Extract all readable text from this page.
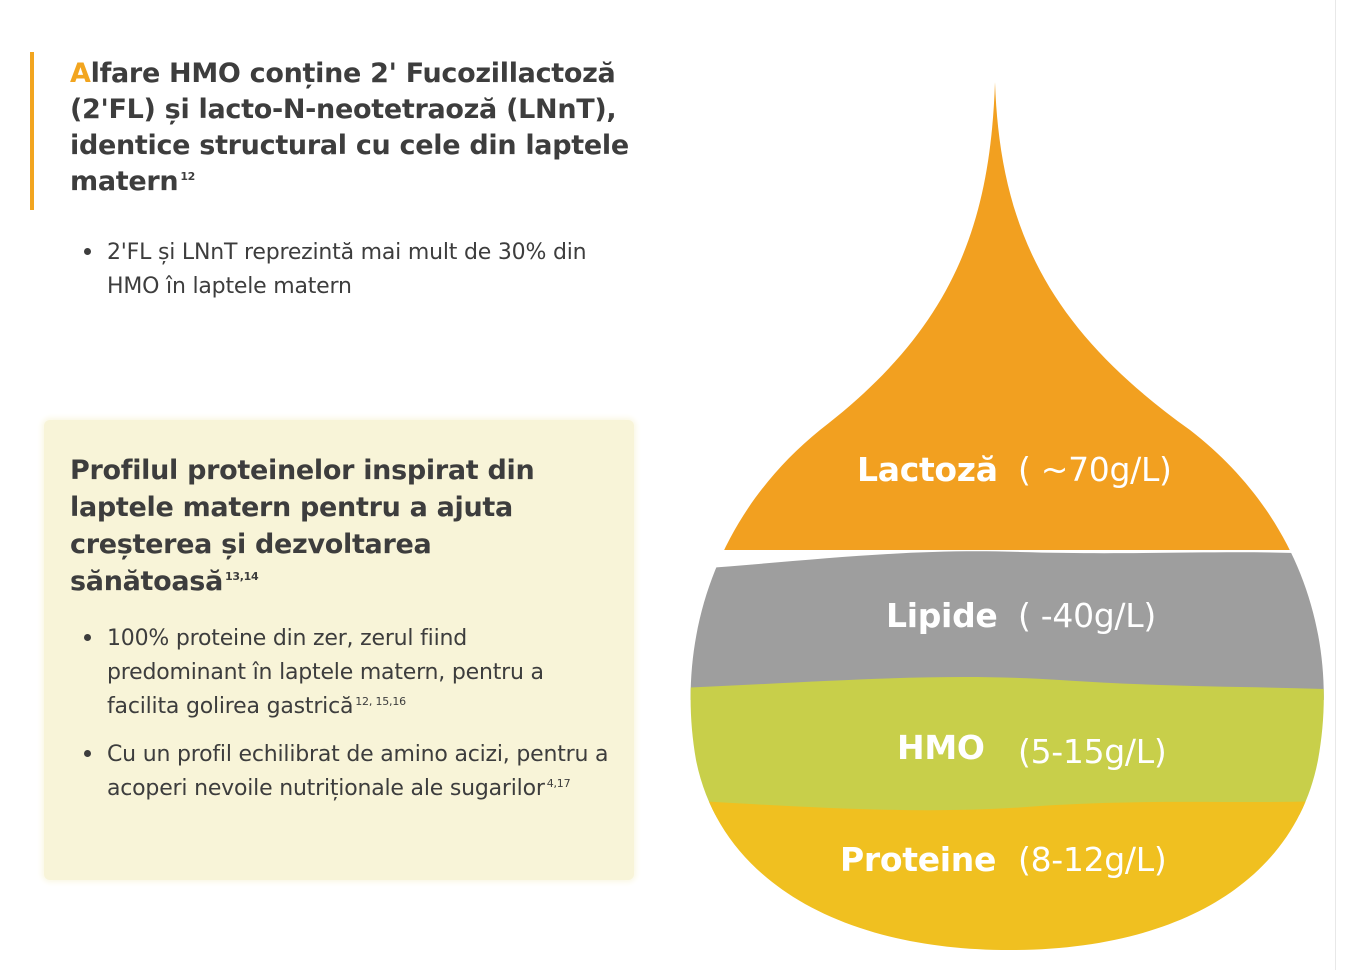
Alfare HMO conține 2' Fucozillactoză (2'FL) și lacto-N-neotetraoză (LNnT), identice structural cu cele din laptele matern $^{12}$
2'FL și LNnT reprezintă mai mult de 30% din HMO în laptele matern
Profilul proteinelor inspirat din laptele matern pentru a ajuta creșterea și dezvoltarea sănătoasă $^{13,14}$
100% proteine din zer, zerul fiind predominant în laptele matern, pentru a facilita golirea gastrică $^{12, 15,16}$
Cu un profil echilibrat de amino acizi, pentru a acoperi nevoile nutriționale ale sugarilor $^{4,17}$
Lactoză ( ~70g/L)
Lipide ( -40g/L)
HMO (5-15g/L)
Proteine (8-12g/L)
